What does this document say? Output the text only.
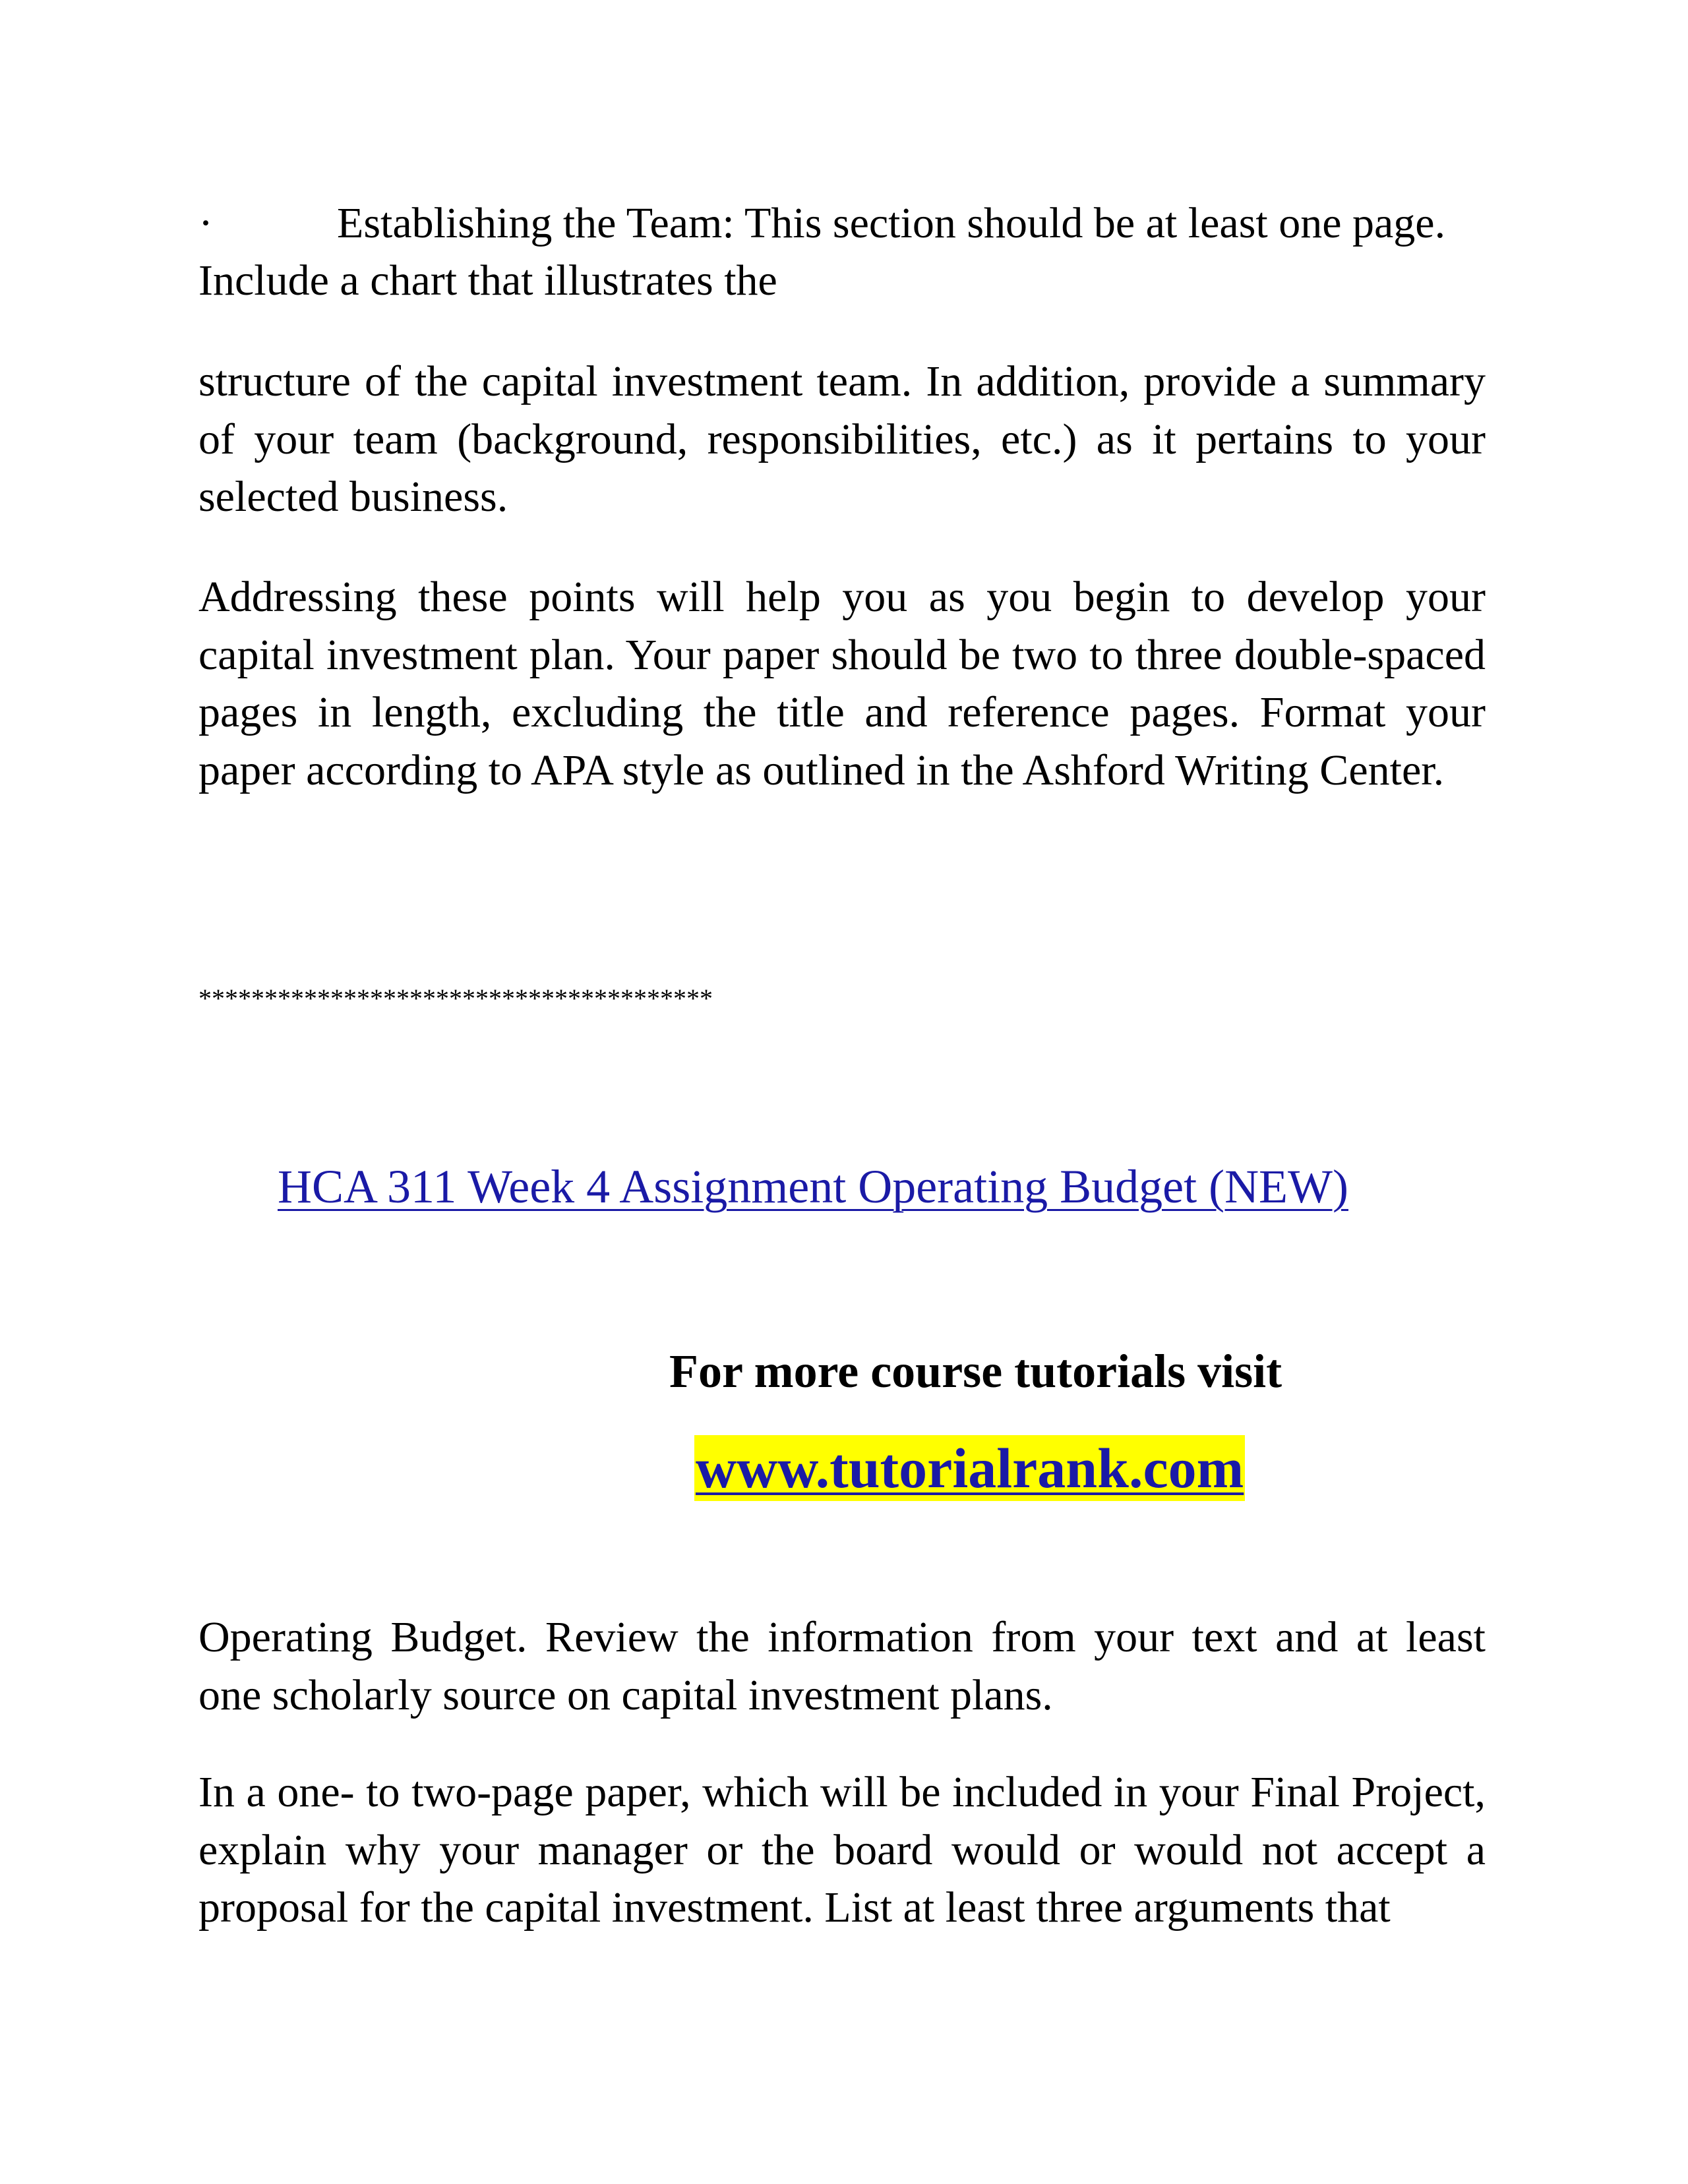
·	Establishing the Team: This section should be at least one page.

Include a chart that illustrates the

structure of the capital investment team. In addition, provide a summary of your team (background, responsibilities, etc.) as it pertains to your selected business.

Addressing these points will help you as you begin to develop your capital investment plan. Your paper should be two to three double-spaced pages in length, excluding the title and reference pages. Format your paper according to APA style as outlined in the Ashford Writing Center.

***************************************

HCA 311 Week 4 Assignment Operating Budget (NEW)
For more course tutorials visit
www.tutorialrank.com

Operating Budget. Review the information from your text and at least one scholarly source on capital investment plans.

In a one- to two-page paper, which will be included in your Final Project, explain why your manager or the board would or would not accept a proposal for the capital investment. List at least three arguments that
